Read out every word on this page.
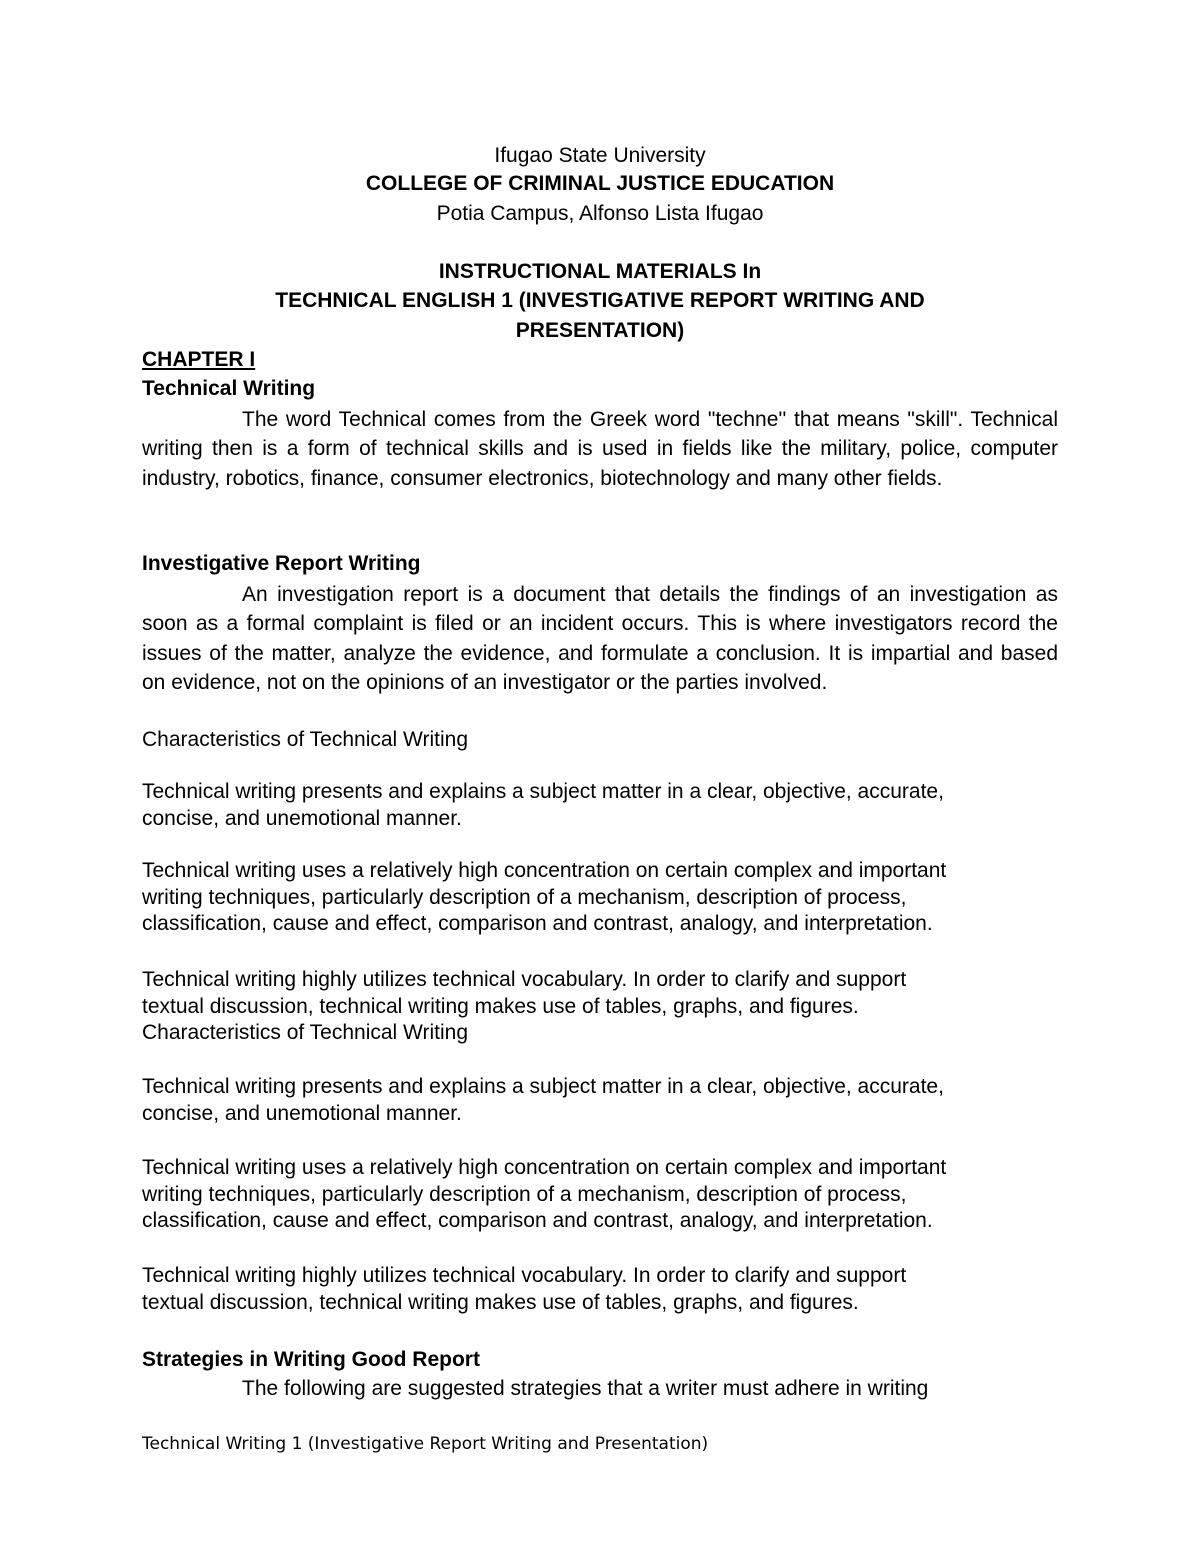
Ifugao State University

COLLEGE OF CRIMINAL JUSTICE EDUCATION

Potia Campus, Alfonso Lista Ifugao

INSTRUCTIONAL MATERIALS In

TECHNICAL ENGLISH 1 (INVESTIGATIVE REPORT WRITING AND

PRESENTATION)

CHAPTER I

Technical Writing

The word Technical comes from the Greek word "techne'' that means "skill". Technical writing then is a form of technical skills and is used in fields like the military, police, computer industry, robotics, finance, consumer electronics, biotechnology and many other fields.

Investigative Report Writing

An investigation report is a document that details the findings of an investigation as soon as a formal complaint is filed or an incident occurs. This is where investigators record the issues of the matter, analyze the evidence, and formulate a conclusion. It is impartial and based on evidence, not on the opinions of an investigator or the parties involved.

Characteristics of Technical Writing

Technical writing presents and explains a subject matter in a clear, objective, accurate,
concise, and unemotional manner.
Technical writing uses a relatively high concentration on certain complex and important
writing techniques, particularly description of a mechanism, description of process,
classification, cause and effect, comparison and contrast, analogy, and interpretation.
Technical writing highly utilizes technical vocabulary. In order to clarify and support
textual discussion, technical writing makes use of tables, graphs, and figures.
Characteristics of Technical Writing
Technical writing presents and explains a subject matter in a clear, objective, accurate,
concise, and unemotional manner.
Technical writing uses a relatively high concentration on certain complex and important
writing techniques, particularly description of a mechanism, description of process,
classification, cause and effect, comparison and contrast, analogy, and interpretation.
Technical writing highly utilizes technical vocabulary. In order to clarify and support
textual discussion, technical writing makes use of tables, graphs, and figures.

Strategies in Writing Good Report

The following are suggested strategies that a writer must adhere in writing

Technical Writing 1 (Investigative Report Writing and Presentation)
